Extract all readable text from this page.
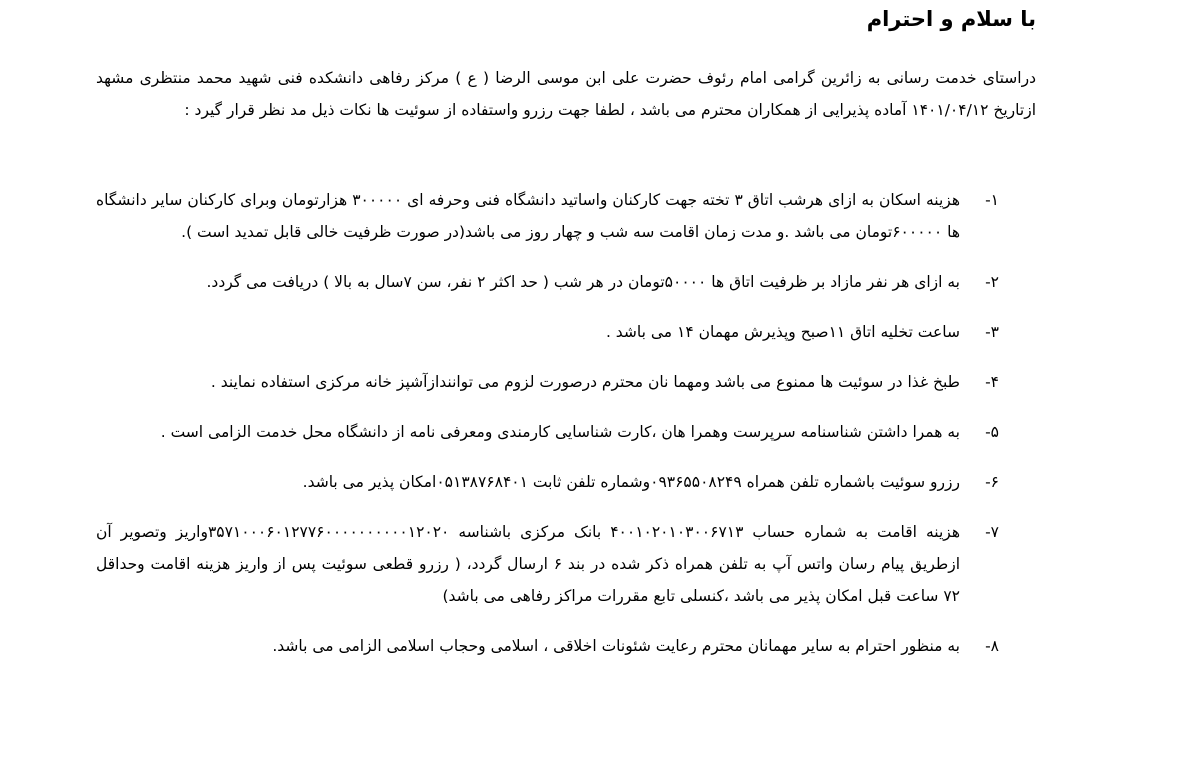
با سلام و احترام
دراستای خدمت رسانی به زائرین گرامی امام رئوف حضرت علی ابن موسی الرضا ( ع ) مرکز رفاهی دانشکده فنی شهید محمد منتظری مشهد ازتاریخ ۱۴۰۱/۰۴/۱۲ آماده پذیرایی از همکاران محترم می باشد ، لطفا جهت رزرو واستفاده از سوئیت ها نکات ذیل مد نظر قرار گیرد :
۱-
هزینه اسکان به ازای هرشب اتاق ۳ تخته جهت کارکنان واساتید دانشگاه فنی وحرفه ای ۳۰۰۰۰۰ هزارتومان وبرای کارکنان سایر دانشگاه ها ۶۰۰۰۰۰تومان می باشد .و مدت زمان اقامت سه شب و چهار روز می باشد(در صورت ظرفیت خالی قابل تمدید است ).
۲-
به ازای هر نفر مازاد بر ظرفیت اتاق ها ۵۰۰۰۰تومان در هر شب ( حد اکثر ۲ نفر، سن ۷سال به بالا ) دریافت می گردد.
۳-
ساعت تخلیه اتاق ۱۱صبح وپذیرش مهمان ۱۴ می باشد .
۴-
طبخ غذا در سوئیت ها ممنوع می باشد ومهما نان محترم درصورت لزوم می توانندازآشپز خانه مرکزی استفاده نمایند .
۵-
به همرا داشتن شناسنامه سرپرست وهمرا هان ،کارت شناسایی کارمندی ومعرفی نامه از دانشگاه محل خدمت الزامی است .
۶-
رزرو سوئیت باشماره تلفن همراه ۰۹۳۶۵۵۰۸۲۴۹وشماره تلفن ثابت ۰۵۱۳۸۷۶۸۴۰۱امکان پذیر می باشد.
۷-
هزینه اقامت به شماره حساب ۴۰۰۱۰۲۰۱۰۳۰۰۶۷۱۳ بانک مرکزی باشناسه ۳۵۷۱۰۰۰۶۰۱۲۷۷۶۰۰۰۰۰۰۰۰۰۰۱۲۰۲۰واریز وتصویر آن ازطریق پیام رسان واتس آپ به تلفن همراه ذکر شده در بند ۶ ارسال گردد، ( رزرو قطعی سوئیت پس از واریز هزینه اقامت وحداقل ۷۲ ساعت قبل امکان پذیر می باشد ،کنسلی تابع مقررات مراکز رفاهی می باشد)
۸-
به منظور احترام به سایر مهمانان محترم رعایت شئونات اخلاقی ، اسلامی وحجاب اسلامی الزامی می باشد.
